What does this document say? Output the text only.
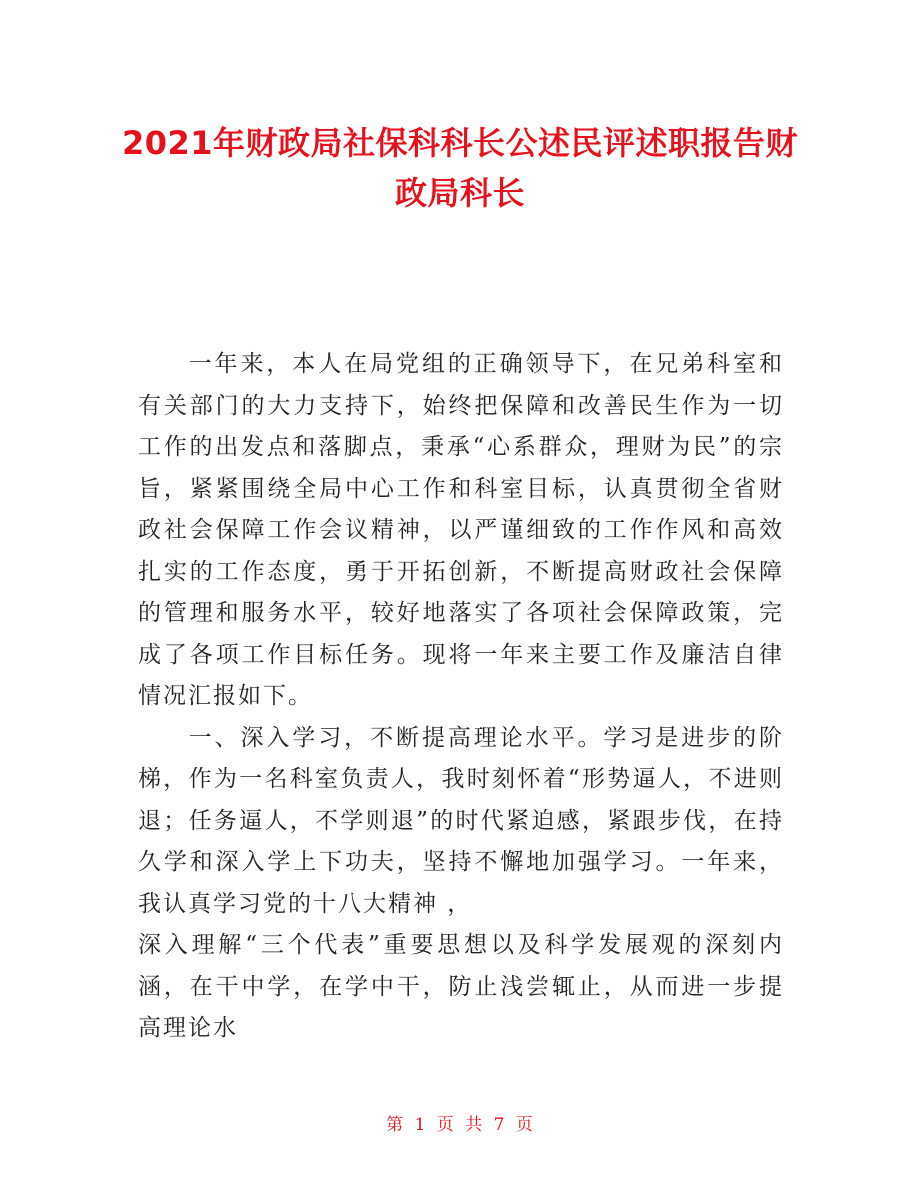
2021年财政局社保科科长公述民评述职报告财政局科长

一年来，本人在局党组的正确领导下，在兄弟科室和有关部门的大力支持下，始终把保障和改善民生作为一切工作的出发点和落脚点，秉承“心系群众，理财为民”的宗旨，紧紧围绕全局中心工作和科室目标，认真贯彻全省财政社会保障工作会议精神，以严谨细致的工作作风和高效扎实的工作态度，勇于开拓创新，不断提高财政社会保障的管理和服务水平，较好地落实了各项社会保障政策，完成了各项工作目标任务。现将一年来主要工作及廉洁自律情况汇报如下。

一、深入学习，不断提高理论水平。学习是进步的阶梯，作为一名科室负责人，我时刻怀着“形势逼人，不进则退；任务逼人，不学则退”的时代紧迫感，紧跟步伐，在持久学和深入学上下功夫，坚持不懈地加强学习。一年来，我认真学习党的十八大精神 ，

深入理解“三个代表”重要思想以及科学发展观的深刻内涵，在干中学，在学中干，防止浅尝辄止，从而进一步提高理论水

第 1 页 共 7 页
